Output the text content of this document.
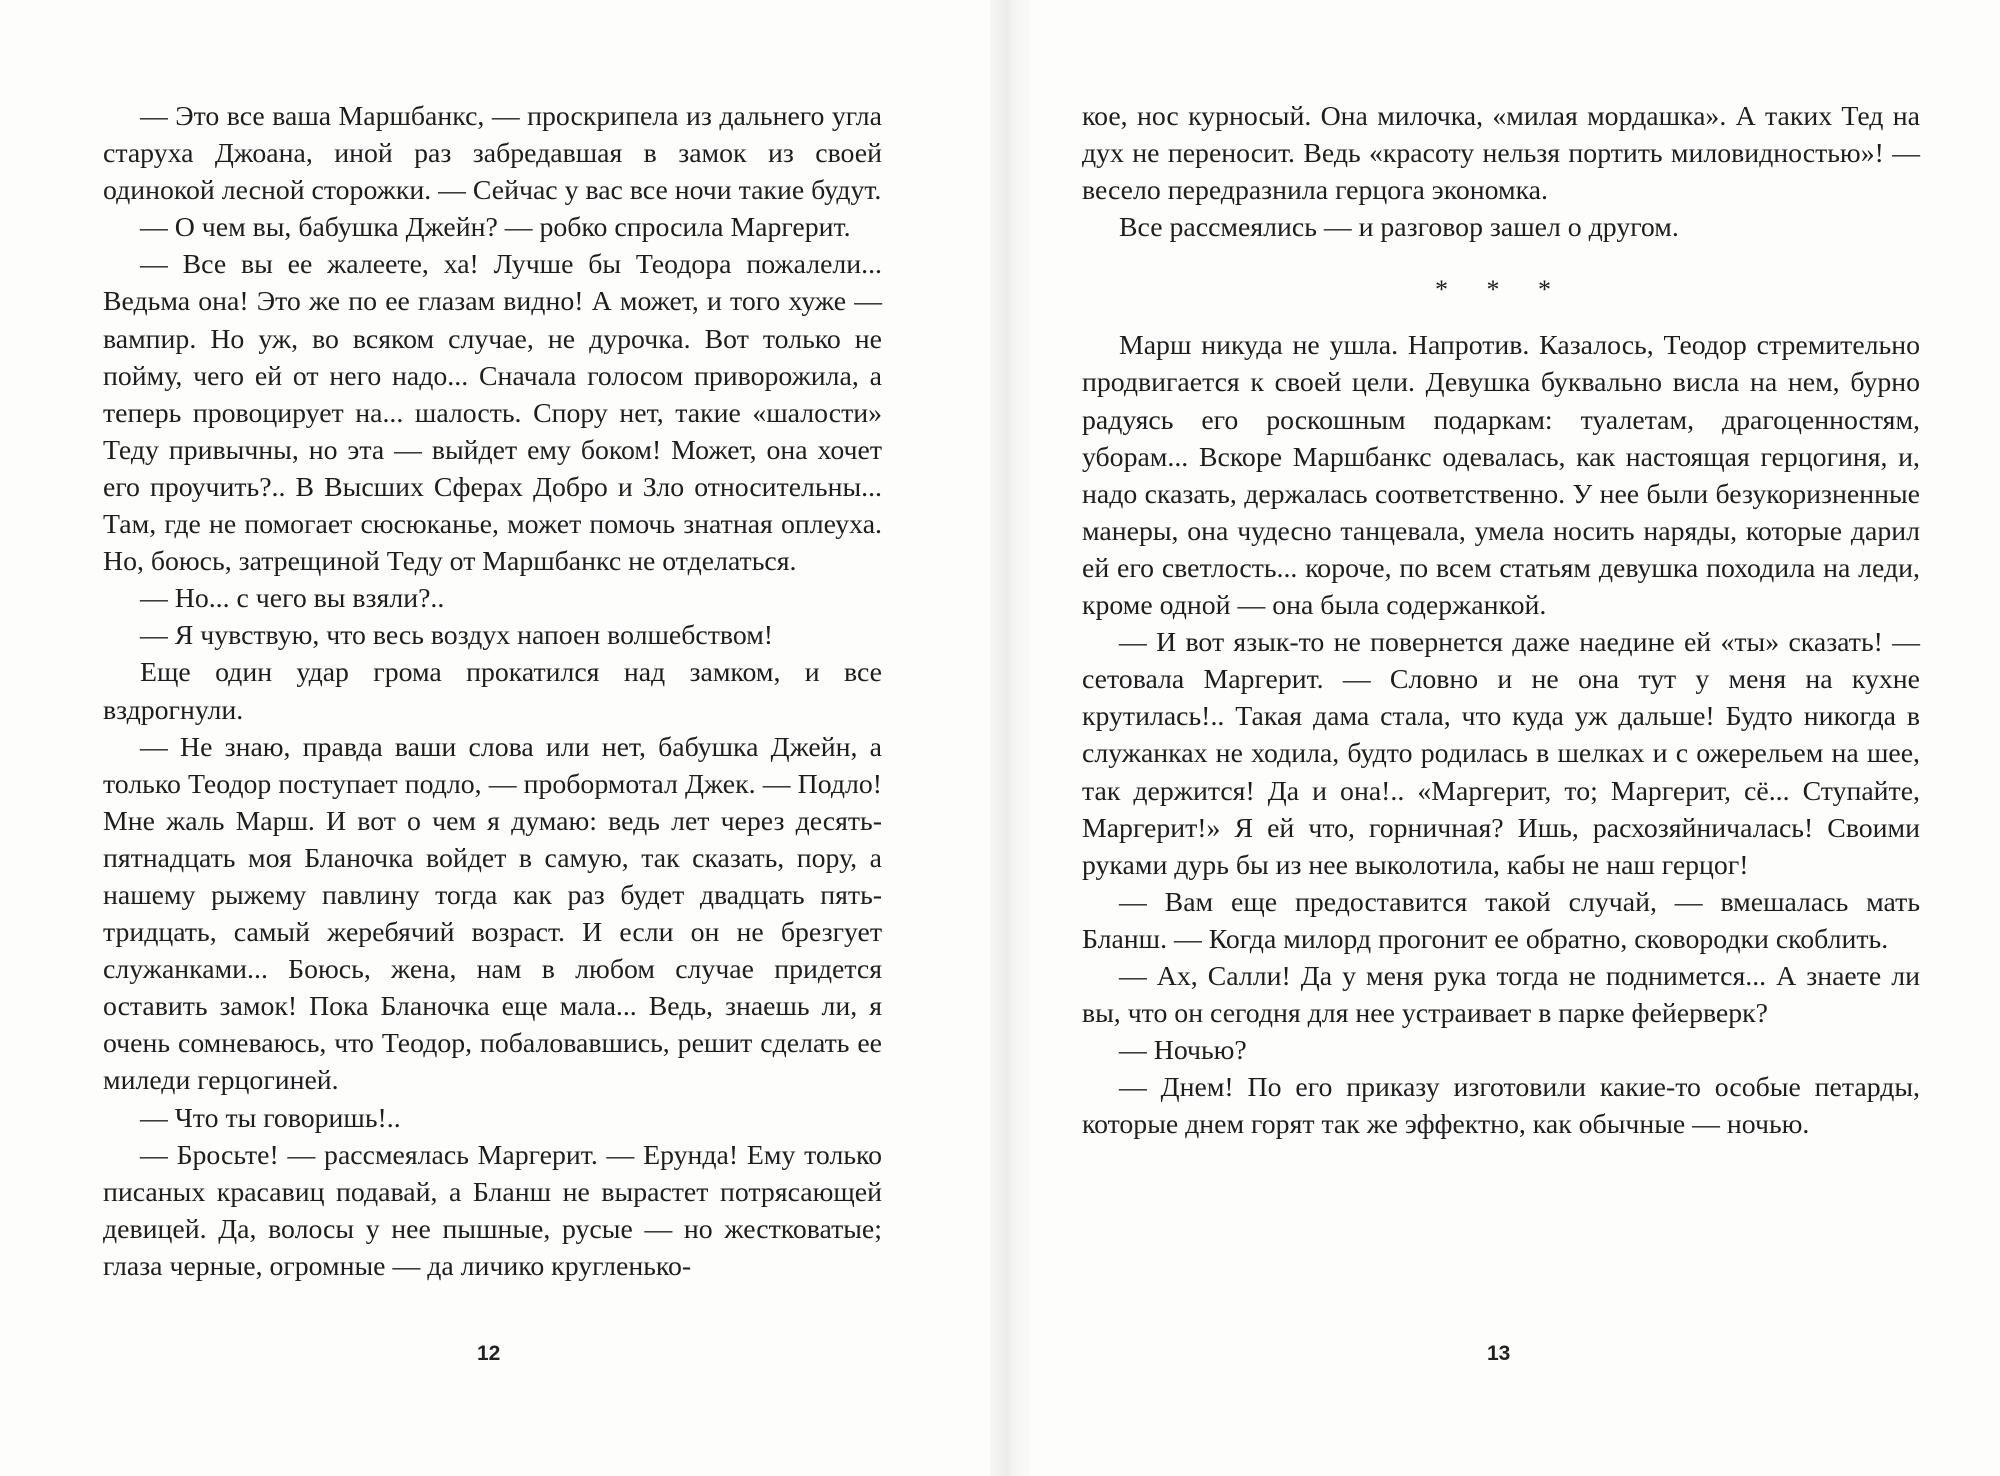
— Это все ваша Маршбанкс, — проскрипела из дальнего угла старуха Джоана, иной раз забредавшая в замок из своей одинокой лесной сторожки. — Сейчас у вас все ночи такие будут.

— О чем вы, бабушка Джейн? — робко спросила Маргерит.

— Все вы ее жалеете, ха! Лучше бы Теодора пожалели... Ведьма она! Это же по ее глазам видно! А может, и того хуже — вампир. Но уж, во всяком случае, не дурочка. Вот только не пойму, чего ей от него надо... Сначала голосом приворожила, а теперь провоцирует на... шалость. Спору нет, такие «шалости» Теду привычны, но эта — выйдет ему боком! Может, она хочет его проучить?.. В Высших Сферах Добро и Зло относительны... Там, где не помогает сюсюканье, может помочь знатная оплеуха. Но, боюсь, затрещиной Теду от Маршбанкс не отделаться.

— Но... с чего вы взяли?..

— Я чувствую, что весь воздух напоен волшебством!

Еще один удар грома прокатился над замком, и все вздрогнули.

— Не знаю, правда ваши слова или нет, бабушка Джейн, а только Теодор поступает подло, — пробормотал Джек. — Подло! Мне жаль Марш. И вот о чем я думаю: ведь лет через десять-пятнадцать моя Бланочка войдет в самую, так сказать, пору, а нашему рыжему павлину тогда как раз будет двадцать пять-тридцать, самый жеребячий возраст. И если он не брезгует служанками... Боюсь, жена, нам в любом случае придется оставить замок! Пока Бланочка еще мала... Ведь, знаешь ли, я очень сомневаюсь, что Теодор, побаловавшись, решит сделать ее миледи герцогиней.

— Что ты говоришь!..

— Бросьте! — рассмеялась Маргерит. — Ерунда! Ему только писаных красавиц подавай, а Бланш не вырастет потрясающей девицей. Да, волосы у нее пышные, русые — но жестковатые; глаза черные, огромные — да личико кругленько-

12

кое, нос курносый. Она милочка, «милая мордашка». А таких Тед на дух не переносит. Ведь «красоту нельзя портить миловидностью»! — весело передразнила герцога экономка.

Все рассмеялись — и разговор зашел о другом.

* * *

Марш никуда не ушла. Напротив. Казалось, Теодор стремительно продвигается к своей цели. Девушка буквально висла на нем, бурно радуясь его роскошным подаркам: туалетам, драгоценностям, уборам... Вскоре Маршбанкс одевалась, как настоящая герцогиня, и, надо сказать, держалась соответственно. У нее были безукоризненные манеры, она чудесно танцевала, умела носить наряды, которые дарил ей его светлость... короче, по всем статьям девушка походила на леди, кроме одной — она была содержанкой.

— И вот язык-то не повернется даже наедине ей «ты» сказать! — сетовала Маргерит. — Словно и не она тут у меня на кухне крутилась!.. Такая дама стала, что куда уж дальше! Будто никогда в служанках не ходила, будто родилась в шелках и с ожерельем на шее, так держится! Да и она!.. «Маргерит, то; Маргерит, сё... Ступайте, Маргерит!» Я ей что, горничная? Ишь, расхозяйничалась! Своими руками дурь бы из нее выколотила, кабы не наш герцог!

— Вам еще предоставится такой случай, — вмешалась мать Бланш. — Когда милорд прогонит ее обратно, сковородки скоблить.

— Ах, Салли! Да у меня рука тогда не поднимется... А знаете ли вы, что он сегодня для нее устраивает в парке фейерверк?

— Ночью?

— Днем! По его приказу изготовили какие-то особые петарды, которые днем горят так же эффектно, как обычные — ночью.

13
